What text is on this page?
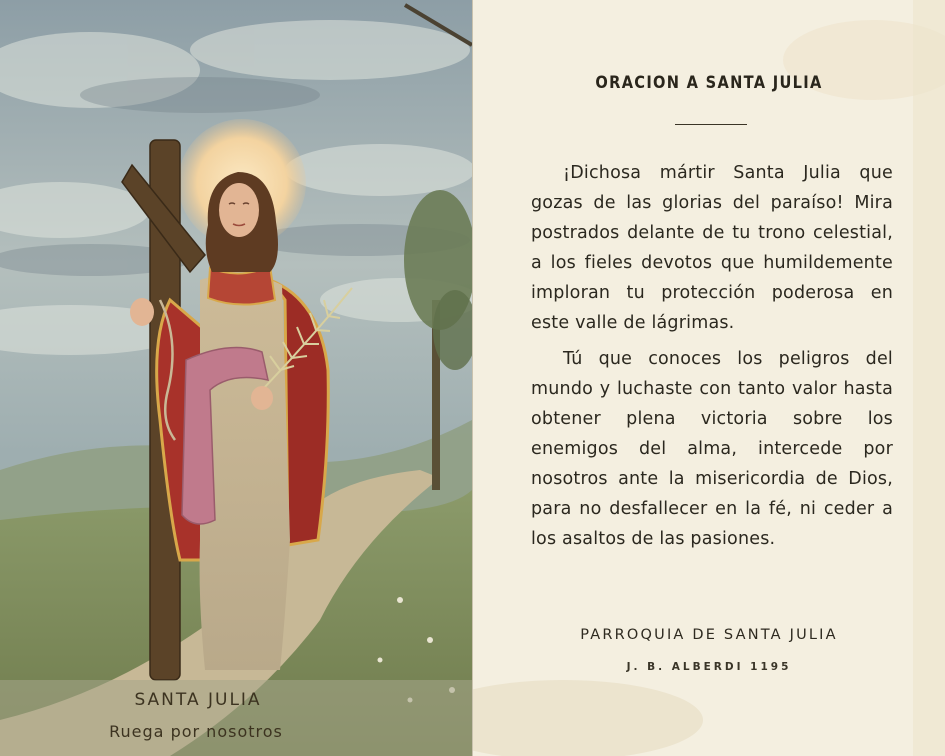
SANTA JULIA
Ruega por nosotros
ORACION A SANTA JULIA

¡Dichosa mártir Santa Julia que gozas de las glorias del paraíso! Mira postrados delante de tu trono celestial, a los fieles devotos que humildemente imploran tu protección poderosa en este valle de lágrimas.

Tú que conoces los peligros del mundo y luchaste con tanto valor hasta obtener plena victoria sobre los enemigos del alma, intercede por nosotros ante la misericordia de Dios, para no desfallecer en la fé, ni ceder a los asaltos de las pasiones.

PARROQUIA DE SANTA JULIA
J. B. ALBERDI 1195
